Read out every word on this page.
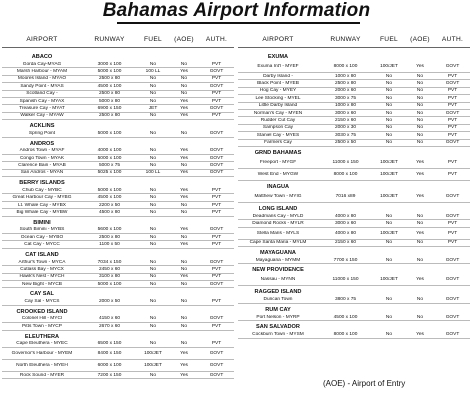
Bahamas Airport Information
AIRPORT	RUNWAY	FUEL	(AOE)	AUTH.
ABACO
Gorda Cay-MYAG	3000 x 100	No	No	PVT
Marsh Harbour - MYAM	5000 x 100	100 LL	Yes	GOVT
Moores Island - MYAO	2500 x 80	No	No	PVT
Sandy Point - MYAS	4500 x 100	No	No	GOVT
Scotland Cay -	2500 x 80	No	No	PVT
Spanish Cay - MYAX	5000 x 80	No	Yes	PVT
Treasure Cay - MYAT	6900 x 150	JET	Yes	GOVT
Walker Cay - MYAW	2500 x 80	No	Yes	PVT
ACKLINS
Spring Point	5000 x 100	No	No	GOVT
ANDROS
Andros Town - MYAF	4000 x 100	No	Yes	GOVT
Congo Town - MYAK	5000 x 100	No	Yes	GOVT
Clarence Bain - MYAB	5000 x 75	No	No	GOVT
San Andros - MYAN	5025 x 100	100 LL	Yes	GOVT
BERRY ISLANDS
Chub Cay - MYBC	5000 x 100	No	Yes	PVT
Great Harbour Cay - MYBG	4500 x 100	No	Yes	PVT
Lt. Whale Cay - MYBX	2200 x 50	No	No	PVT
Big Whale Cay - MYBW	4500 x 80	No	No	PVT
BIMINI
South Bimini - MYBS	5600 x 100	No	Yes	GOVT
Ocean Cay - MYBO	2500 x 80	No	No	PVT
Cat Cay - MYCC	1100 x 50	No	Yes	PVT
CAT ISLAND
Arthur's Town - MYCA	7034 x 150	No	No	GOVT
Cutlass Bay - MYCX	2450 x 60	No	No	PVT
Hawk's Nest - MYCH	3100 x 80	No	Yes	PVT
New Bight - MYCB	5000 x 100	No	No	GOVT
CAY SAL
Cay Sal - MYCS	2000 x 50	No	No	PVT
CROOKED ISLAND
Colonel Hill - MYCI	4150 x 60	No	No	GOVT
Pitts Town - MYCP	2670 x 60	No	No	PVT
ELEUTHERA
Cape Eleuthera - MYEC	6500 x 150	No	No	PVT
Governor's Harbour - MYEM	8400 x 150	100/JET	Yes	GOVT
North Eleuthera - MYEH	6000 x 100	100/JET	Yes	GOVT
Rock Sound - MYER	7200 x 150	No	Yes	GOVT
AIRPORT	RUNWAY	FUEL	(AOE)	AUTH.
EXUMA
Exuma Int'l - MYEF	8000 x 100	100/JET	Yes	GOVT
Darby Island -	1000 x 80	No	No	PVT
Black Point - MYEB	2500 x 80	No	No	GOVT
Hog Cay - MYEY	2000 x 60	No	No	PVT
Lee Stocking - MYEL	3000 x 75	No	No	PVT
Little Darby Island	1000 x 80	No	No	PVT
Norman's Cay - MYEN	3000 x 60	No	No	GOVT
Rudder Cut Cay	2150 x 60	No	No	PVT
Sampson Cay	2000 x 30	No	No	PVT
Staniel Cay - MYES	3030 x 75	No	No	PVT
Farmers Cay	2500 x 50	No	No	GOVT
GRND BAHAMAS
Freeport - MYGF	11000 x 150	100/JET	Yes	PVT
West End - MYGW	8000 x 100	100/JET	Yes	PVT
INAGUA
Matthew Town - MYIG	7016 x89	100/JET	Yes	GOVT
LONG ISLAND
Deadmans Cay - MYLD	4000 x 80	No	No	GOVT
Diamond Rocks - MYLR	3000 x 60	No	No	PVT
Stella Maris - MYLS	4000 x 80	100/JET	Yes	PVT
Cape Santa Maria - MYLM	2150 x 60	No	No	PVT
MAYAGUANA
Mayaguana - MYMM	7700 x 150	No	No	GOVT
NEW PROVIDENCE
Nassau - MYNN	11000 x 150	100/JET	Yes	GOVT
RAGGED ISLAND
Duncan Town	3800 x 75	No	No	GOVT
RUM CAY
Port Nelson - MYRP	4500 x 100	No	No	GOVT
SAN SALVADOR
Cockburn Town - MYSM	8000 x 100	No	Yes	GOVT
(AOE) - Airport of Entry
